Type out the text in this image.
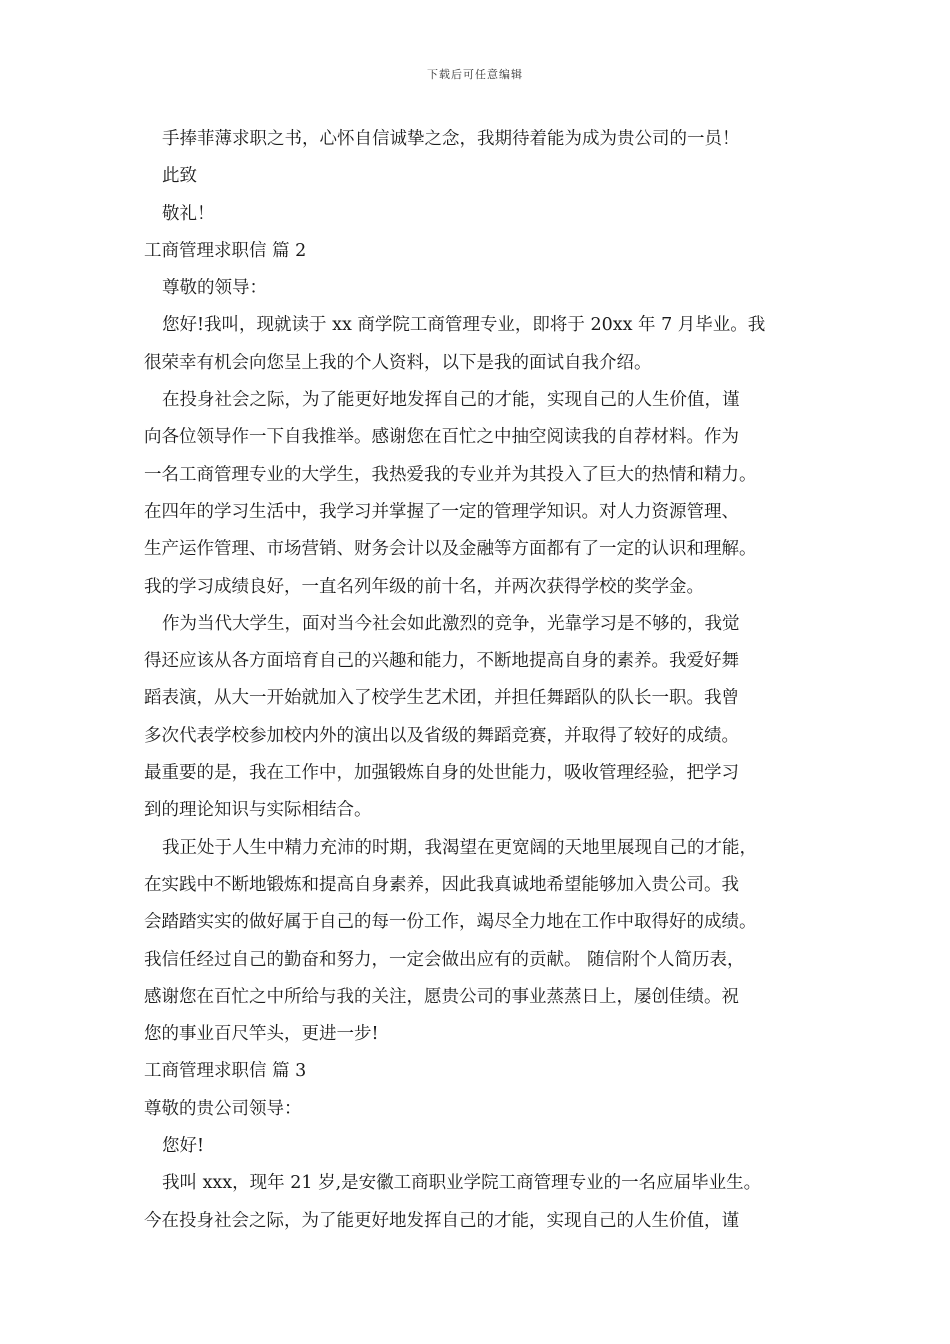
下载后可任意编辑
手捧菲薄求职之书，心怀自信诚挚之念，我期待着能为成为贵公司的一员！
此致
敬礼！
工商管理求职信 篇 2
尊敬的领导：
您好!我叫，现就读于 xx 商学院工商管理专业，即将于 20xx 年 7 月毕业。我
很荣幸有机会向您呈上我的个人资料，以下是我的面试自我介绍。
在投身社会之际，为了能更好地发挥自己的才能，实现自己的人生价值，谨
向各位领导作一下自我推举。感谢您在百忙之中抽空阅读我的自荐材料。作为
一名工商管理专业的大学生，我热爱我的专业并为其投入了巨大的热情和精力。
在四年的学习生活中，我学习并掌握了一定的管理学知识。对人力资源管理、
生产运作管理、市场营销、财务会计以及金融等方面都有了一定的认识和理解。
我的学习成绩良好，一直名列年级的前十名，并两次获得学校的奖学金。
作为当代大学生，面对当今社会如此激烈的竞争，光靠学习是不够的，我觉
得还应该从各方面培育自己的兴趣和能力，不断地提高自身的素养。我爱好舞
蹈表演，从大一开始就加入了校学生艺术团，并担任舞蹈队的队长一职。我曾
多次代表学校参加校内外的演出以及省级的舞蹈竞赛，并取得了较好的成绩。
最重要的是，我在工作中，加强锻炼自身的处世能力，吸收管理经验，把学习
到的理论知识与实际相结合。
我正处于人生中精力充沛的时期，我渴望在更宽阔的天地里展现自己的才能，
在实践中不断地锻炼和提高自身素养，因此我真诚地希望能够加入贵公司。我
会踏踏实实的做好属于自己的每一份工作，竭尽全力地在工作中取得好的成绩。
我信任经过自己的勤奋和努力，一定会做出应有的贡献。 随信附个人简历表，
感谢您在百忙之中所给与我的关注，愿贵公司的事业蒸蒸日上，屡创佳绩。祝
您的事业百尺竿头，更进一步!
工商管理求职信 篇 3
尊敬的贵公司领导：
您好!
我叫 xxx，现年 21 岁,是安徽工商职业学院工商管理专业的一名应届毕业生。
今在投身社会之际，为了能更好地发挥自己的才能，实现自己的人生价值，谨
